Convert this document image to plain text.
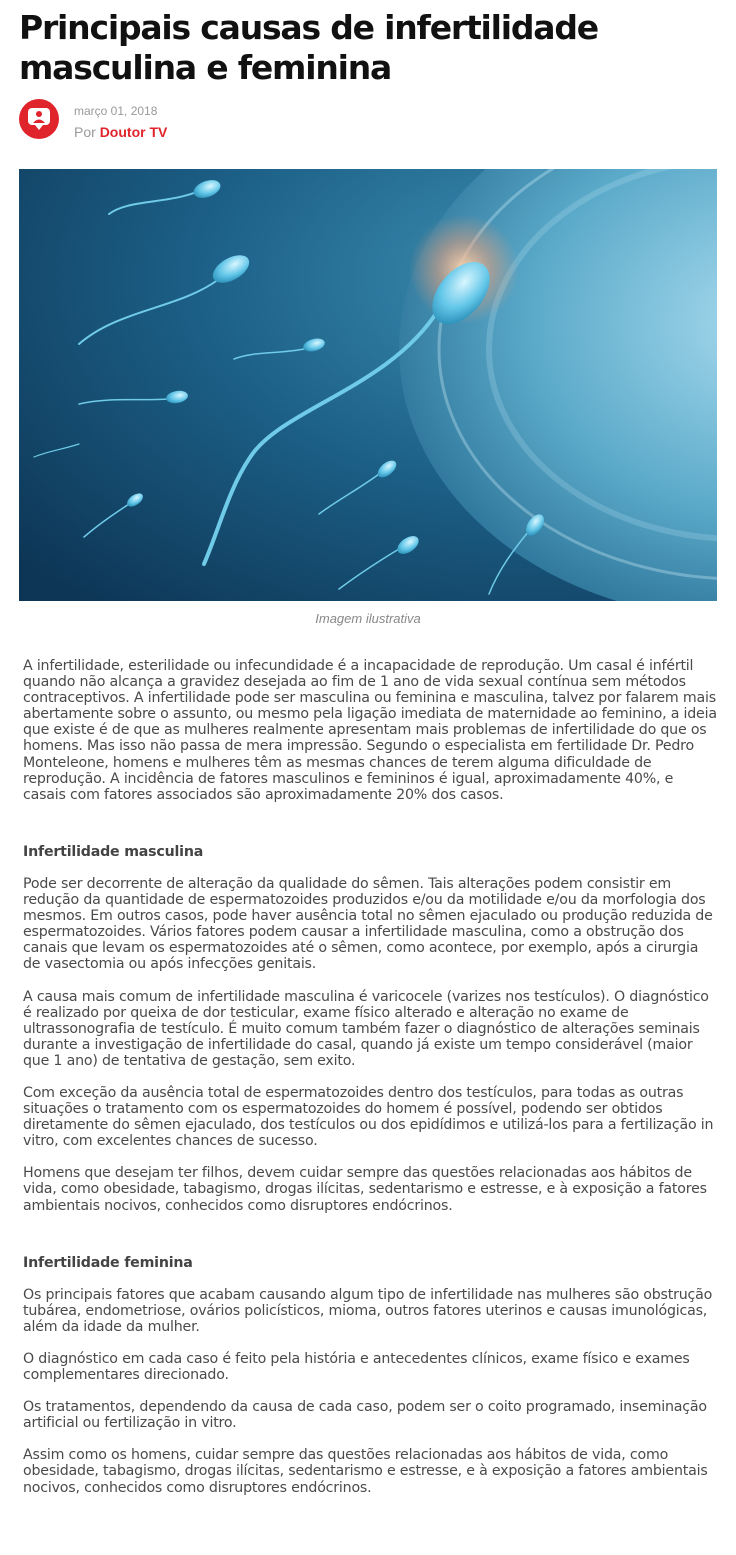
Principais causas de infertilidade masculina e feminina
março 01, 2018
Por Doutor TV
Imagem ilustrativa

A infertilidade, esterilidade ou infecundidade é a incapacidade de reprodução. Um casal é infértil quando não alcança a gravidez desejada ao fim de 1 ano de vida sexual contínua sem métodos contraceptivos. A infertilidade pode ser masculina ou feminina e masculina, talvez por falarem mais abertamente sobre o assunto, ou mesmo pela ligação imediata de maternidade ao feminino, a ideia que existe é de que as mulheres realmente apresentam mais problemas de infertilidade do que os homens. Mas isso não passa de mera impressão. Segundo o especialista em fertilidade Dr. Pedro Monteleone, homens e mulheres têm as mesmas chances de terem alguma dificuldade de reprodução. A incidência de fatores masculinos e femininos é igual, aproximadamente 40%, e casais com fatores associados são aproximadamente 20% dos casos.

Infertilidade masculina

Pode ser decorrente de alteração da qualidade do sêmen. Tais alterações podem consistir em redução da quantidade de espermatozoides produzidos e/ou da motilidade e/ou da morfologia dos mesmos. Em outros casos, pode haver ausência total no sêmen ejaculado ou produção reduzida de espermatozoides. Vários fatores podem causar a infertilidade masculina, como a obstrução dos canais que levam os espermatozoides até o sêmen, como acontece, por exemplo, após a cirurgia de vasectomia ou após infecções genitais.

A causa mais comum de infertilidade masculina é varicocele (varizes nos testículos). O diagnóstico é realizado por queixa de dor testicular, exame físico alterado e alteração no exame de ultrassonografia de testículo. É muito comum também fazer o diagnóstico de alterações seminais durante a investigação de infertilidade do casal, quando já existe um tempo considerável (maior que 1 ano) de tentativa de gestação, sem exito.

Com exceção da ausência total de espermatozoides dentro dos testículos, para todas as outras situações o tratamento com os espermatozoides do homem é possível, podendo ser obtidos diretamente do sêmen ejaculado, dos testículos ou dos epidídimos e utilizá-los para a fertilização in vitro, com excelentes chances de sucesso.

Homens que desejam ter filhos, devem cuidar sempre das questões relacionadas aos hábitos de vida, como obesidade, tabagismo, drogas ilícitas, sedentarismo e estresse, e à exposição a fatores ambientais nocivos, conhecidos como disruptores endócrinos.

Infertilidade feminina

Os principais fatores que acabam causando algum tipo de infertilidade nas mulheres são obstrução tubárea, endometriose, ovários policísticos, mioma, outros fatores uterinos e causas imunológicas, além da idade da mulher.

O diagnóstico em cada caso é feito pela história e antecedentes clínicos, exame físico e exames complementares direcionado.

Os tratamentos, dependendo da causa de cada caso, podem ser o coito programado, inseminação artificial ou fertilização in vitro.

Assim como os homens, cuidar sempre das questões relacionadas aos hábitos de vida, como obesidade, tabagismo, drogas ilícitas, sedentarismo e estresse, e à exposição a fatores ambientais nocivos, conhecidos como disruptores endócrinos.
